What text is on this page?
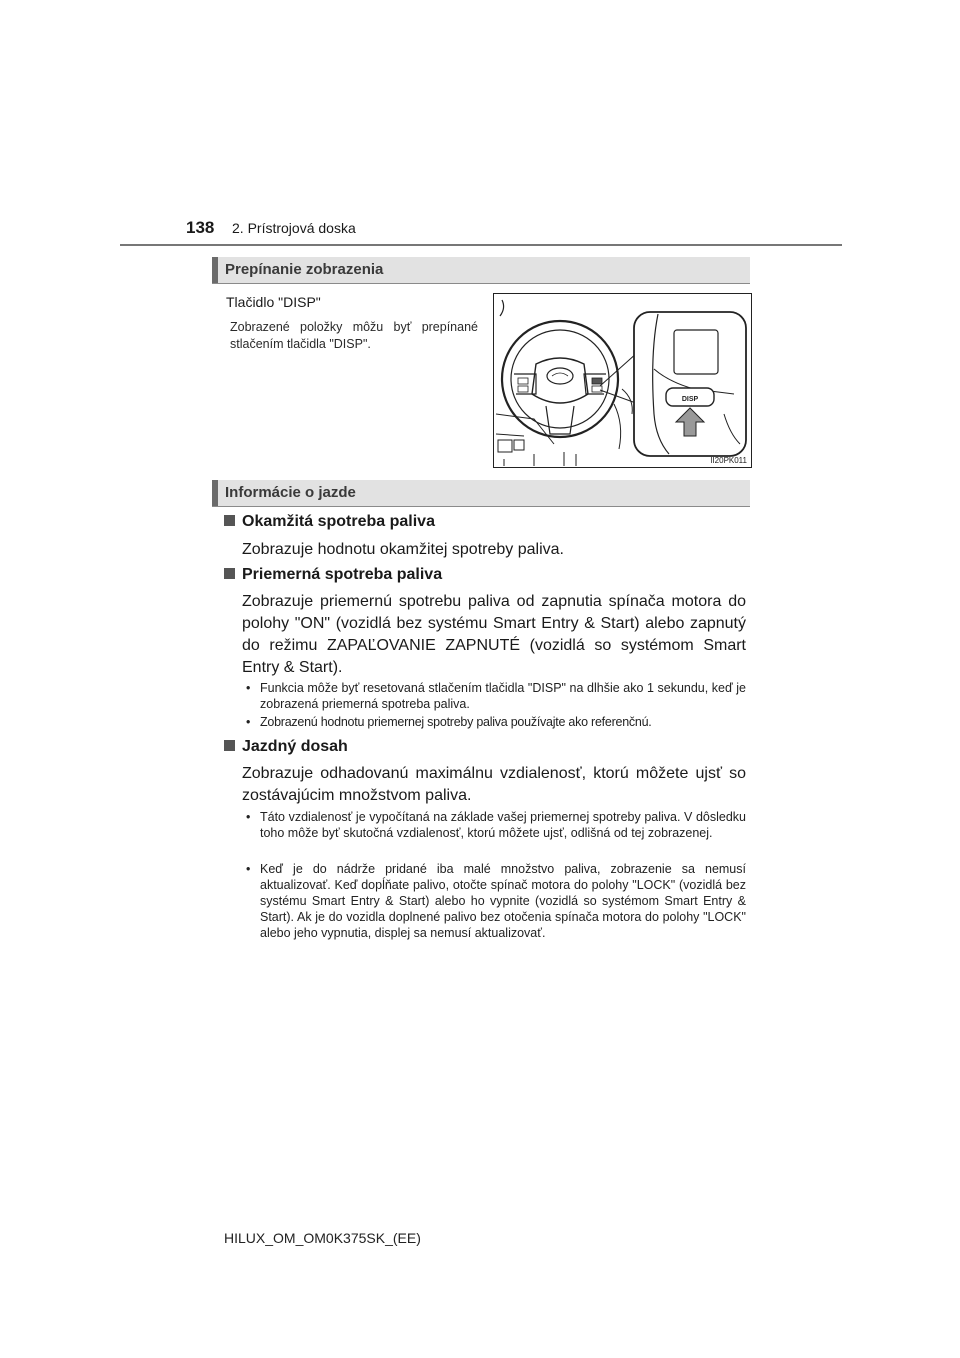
138 2. Prístrojová doska
Prepínanie zobrazenia
Tlačidlo "DISP"
Zobrazené položky môžu byť prepínané stlačením tlačidla "DISP".
DISP
II20PK011
Informácie o jazde
Okamžitá spotreba paliva
Zobrazuje hodnotu okamžitej spotreby paliva.
Priemerná spotreba paliva
Zobrazuje priemernú spotrebu paliva od zapnutia spínača motora do polohy "ON" (vozidlá bez systému Smart Entry & Start) alebo zapnutý do režimu ZAPAĽOVANIE ZAPNUTÉ (vozidlá so systémom Smart Entry & Start).
• Funkcia môže byť resetovaná stlačením tlačidla "DISP" na dlhšie ako 1 sekundu, keď je zobrazená priemerná spotreba paliva.
• Zobrazenú hodnotu priemernej spotreby paliva používajte ako referenčnú.
Jazdný dosah
Zobrazuje odhadovanú maximálnu vzdialenosť, ktorú môžete ujsť so zostávajúcim množstvom paliva.
• Táto vzdialenosť je vypočítaná na základe vašej priemernej spotreby paliva. V dôsledku toho môže byť skutočná vzdialenosť, ktorú môžete ujsť, odlišná od tej zobrazenej.
• Keď je do nádrže pridané iba malé množstvo paliva, zobrazenie sa nemusí aktualizovať. Keď dopĺňate palivo, otočte spínač motora do polohy "LOCK" (vozidlá bez systému Smart Entry & Start) alebo ho vypnite (vozidlá so systémom Smart Entry & Start). Ak je do vozidla doplnené palivo bez otočenia spínača motora do polohy "LOCK" alebo jeho vypnutia, displej sa nemusí aktualizovať.
HILUX_OM_OM0K375SK_(EE)
